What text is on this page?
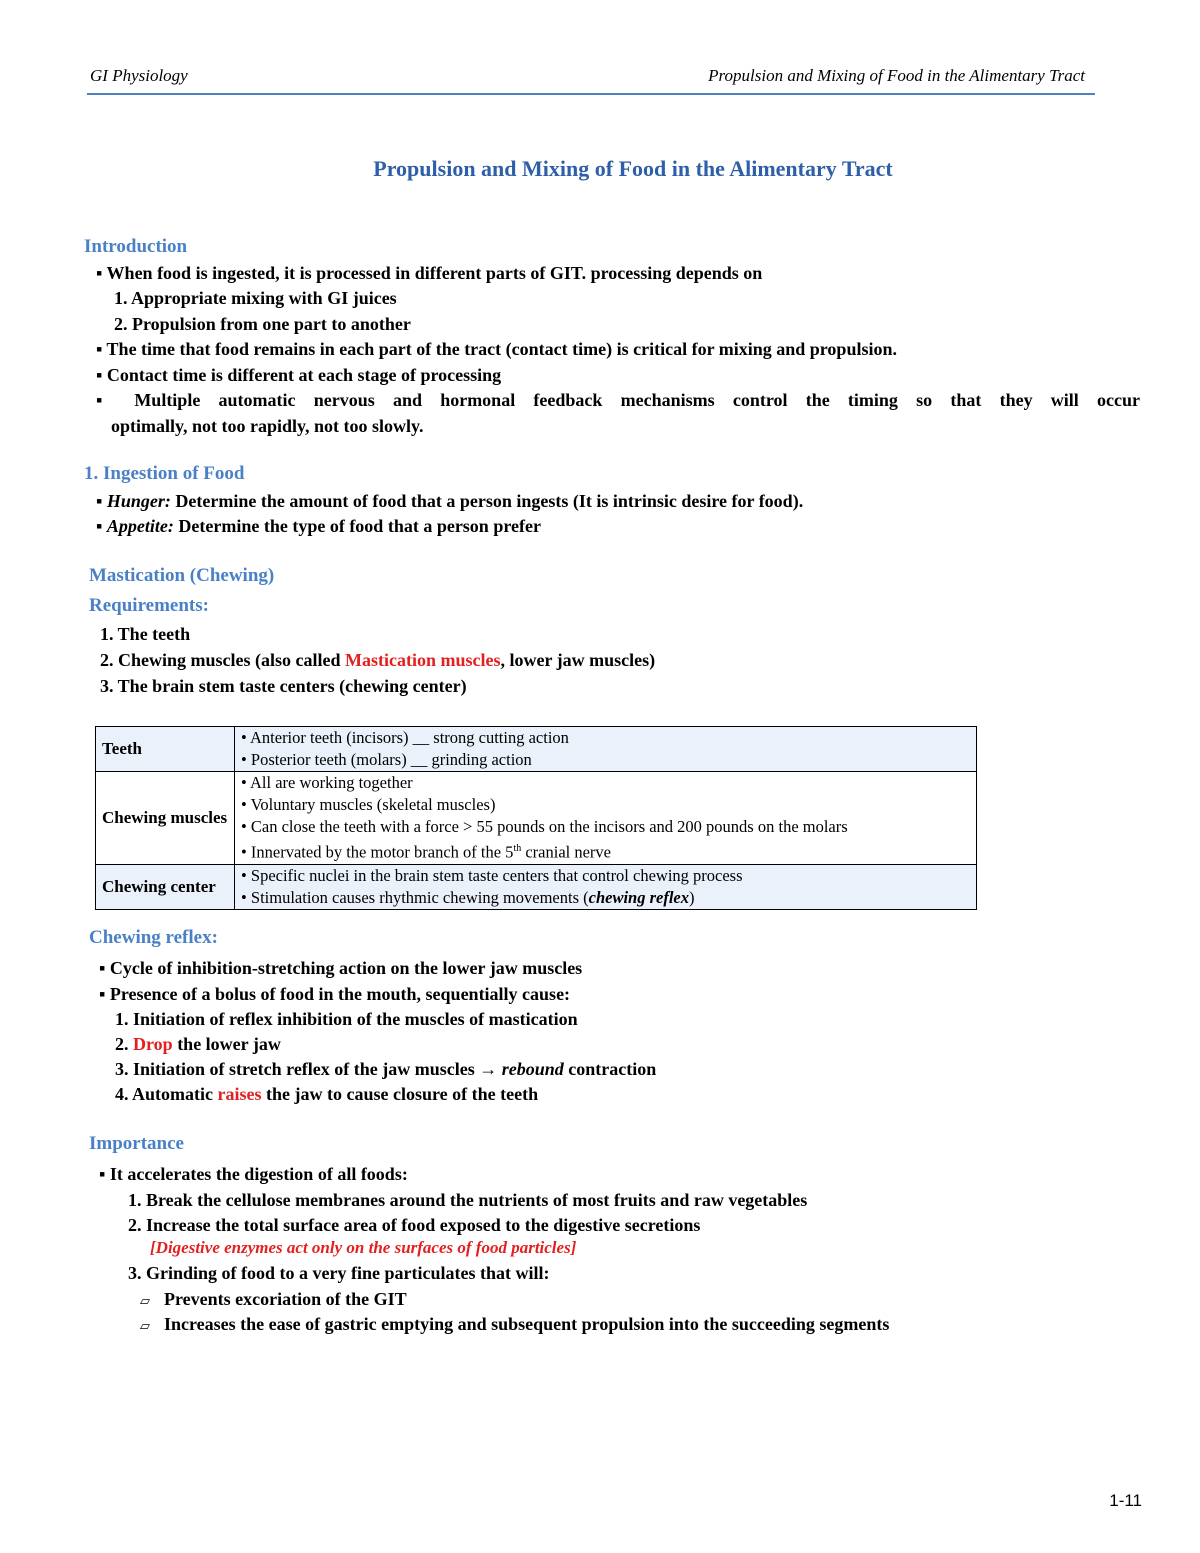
GI Physiology	Propulsion and Mixing of Food in the Alimentary Tract
Propulsion and Mixing of Food in the Alimentary Tract
Introduction
▪ When food is ingested, it is processed in different parts of GIT. processing depends on
1. Appropriate mixing with GI juices
2. Propulsion from one part to another
▪ The time that food remains in each part of the tract (contact time) is critical for mixing and propulsion.
▪ Contact time is different at each stage of processing
▪ Multiple automatic nervous and hormonal feedback mechanisms control the timing so that they will occur
optimally, not too rapidly, not too slowly.
1. Ingestion of Food
▪ Hunger: Determine the amount of food that a person ingests (It is intrinsic desire for food).
▪ Appetite: Determine the type of food that a person prefer
Mastication (Chewing)
Requirements:
1. The teeth
2. Chewing muscles (also called Mastication muscles, lower jaw muscles)
3. The brain stem taste centers (chewing center)
Teeth	• Anterior teeth (incisors) __ strong cutting action
• Posterior teeth (molars) __ grinding action

Chewing muscles	• All are working together
• Voluntary muscles (skeletal muscles)
• Can close the teeth with a force > 55 pounds on the incisors and 200 pounds on the molars
• Innervated by the motor branch of the 5th cranial nerve

Chewing center	• Specific nuclei in the brain stem taste centers that control chewing process
• Stimulation causes rhythmic chewing movements (chewing reflex)
Chewing reflex:
▪ Cycle of inhibition-stretching action on the lower jaw muscles
▪ Presence of a bolus of food in the mouth, sequentially cause:
1. Initiation of reflex inhibition of the muscles of mastication
2. Drop the lower jaw
3. Initiation of stretch reflex of the jaw muscles → rebound contraction
4. Automatic raises the jaw to cause closure of the teeth
Importance
▪ It accelerates the digestion of all foods:
1. Break the cellulose membranes around the nutrients of most fruits and raw vegetables
2. Increase the total surface area of food exposed to the digestive secretions
[Digestive enzymes act only on the surfaces of food particles]
3. Grinding of food to a very fine particulates that will:
▱ Prevents excoriation of the GIT
▱ Increases the ease of gastric emptying and subsequent propulsion into the succeeding segments
1-11
